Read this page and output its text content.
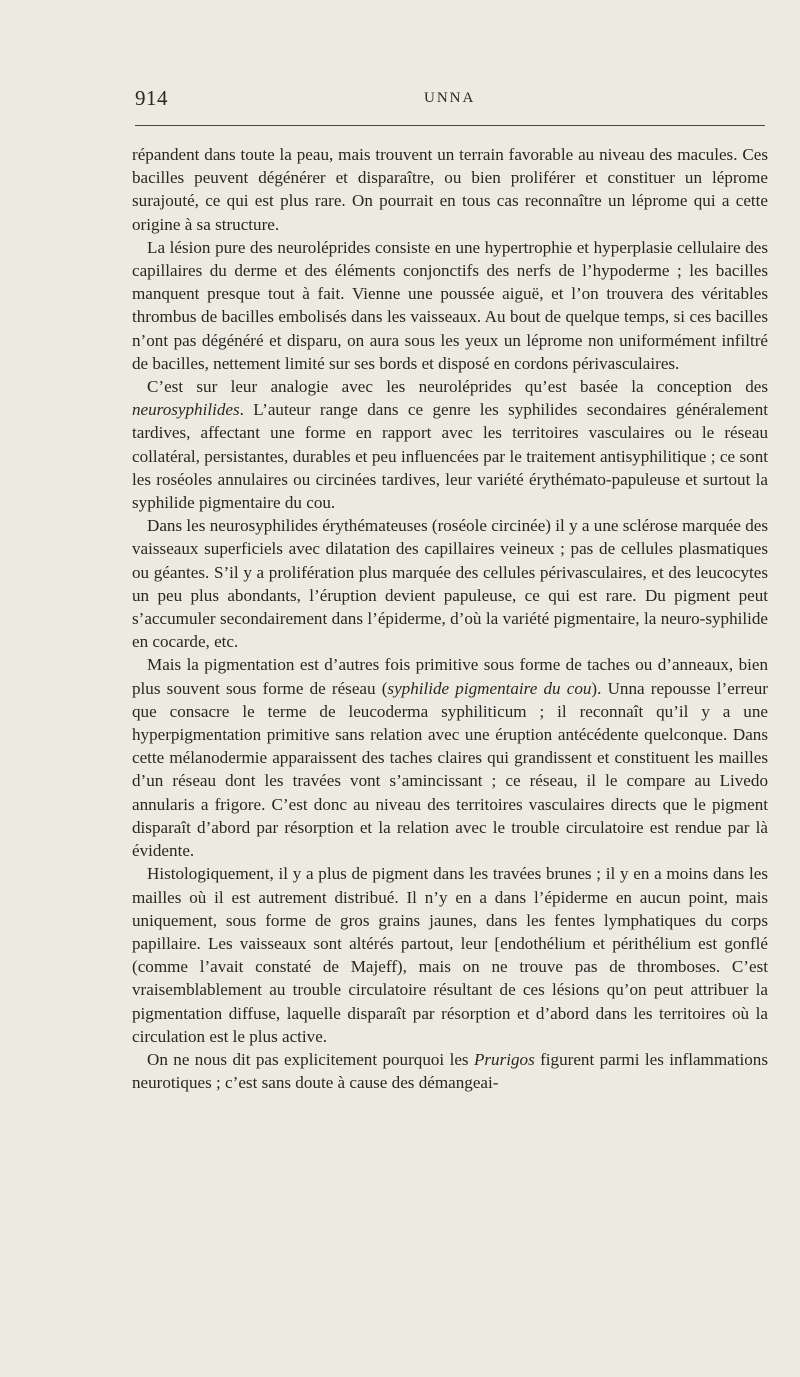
914	UNNA

répandent dans toute la peau, mais trouvent un terrain favorable au niveau des macules. Ces bacilles peuvent dégénérer et disparaître, ou bien proliférer et constituer un léprome surajouté, ce qui est plus rare. On pourrait en tous cas reconnaître un léprome qui a cette origine à sa structure.

La lésion pure des neuroléprides consiste en une hypertrophie et hyperplasie cellulaire des capillaires du derme et des éléments conjonctifs des nerfs de l’hypoderme ; les bacilles manquent presque tout à fait. Vienne une poussée aiguë, et l’on trouvera des véritables thrombus de bacilles embolisés dans les vaisseaux. Au bout de quelque temps, si ces bacilles n’ont pas dégénéré et disparu, on aura sous les yeux un léprome non uniformément infiltré de bacilles, nettement limité sur ses bords et disposé en cordons périvasculaires.

C’est sur leur analogie avec les neuroléprides qu’est basée la conception des neurosyphilides. L’auteur range dans ce genre les syphilides secondaires généralement tardives, affectant une forme en rapport avec les territoires vasculaires ou le réseau collatéral, persistantes, durables et peu influencées par le traitement antisyphilitique ; ce sont les roséoles annulaires ou circinées tardives, leur variété érythémato-papuleuse et surtout la syphilide pigmentaire du cou.

Dans les neurosyphilides érythémateuses (roséole circinée) il y a une sclérose marquée des vaisseaux superficiels avec dilatation des capillaires veineux ; pas de cellules plasmatiques ou géantes. S’il y a prolifération plus marquée des cellules périvasculaires, et des leucocytes un peu plus abondants, l’éruption devient papuleuse, ce qui est rare. Du pigment peut s’accumuler secondairement dans l’épiderme, d’où la variété pigmentaire, la neuro-syphilide en cocarde, etc.

Mais la pigmentation est d’autres fois primitive sous forme de taches ou d’anneaux, bien plus souvent sous forme de réseau (syphilide pigmentaire du cou). Unna repousse l’erreur que consacre le terme de leucoderma syphiliticum ; il reconnaît qu’il y a une hyperpigmentation primitive sans relation avec une éruption antécédente quelconque. Dans cette mélanodermie apparaissent des taches claires qui grandissent et constituent les mailles d’un réseau dont les travées vont s’amincissant ; ce réseau, il le compare au Livedo annularis a frigore. C’est donc au niveau des territoires vasculaires directs que le pigment disparaît d’abord par résorption et la relation avec le trouble circulatoire est rendue par là évidente.

Histologiquement, il y a plus de pigment dans les travées brunes ; il y en a moins dans les mailles où il est autrement distribué. Il n’y en a dans l’épiderme en aucun point, mais uniquement, sous forme de gros grains jaunes, dans les fentes lymphatiques du corps papillaire. Les vaisseaux sont altérés partout, leur [endothélium et périthélium est gonflé (comme l’avait constaté de Majeff), mais on ne trouve pas de thromboses. C’est vraisemblablement au trouble circulatoire résultant de ces lésions qu’on peut attribuer la pigmentation diffuse, laquelle disparaît par résorption et d’abord dans les territoires où la circulation est le plus active.

On ne nous dit pas explicitement pourquoi les Prurigos figurent parmi les inflammations neurotiques ; c’est sans doute à cause des démangeai-
